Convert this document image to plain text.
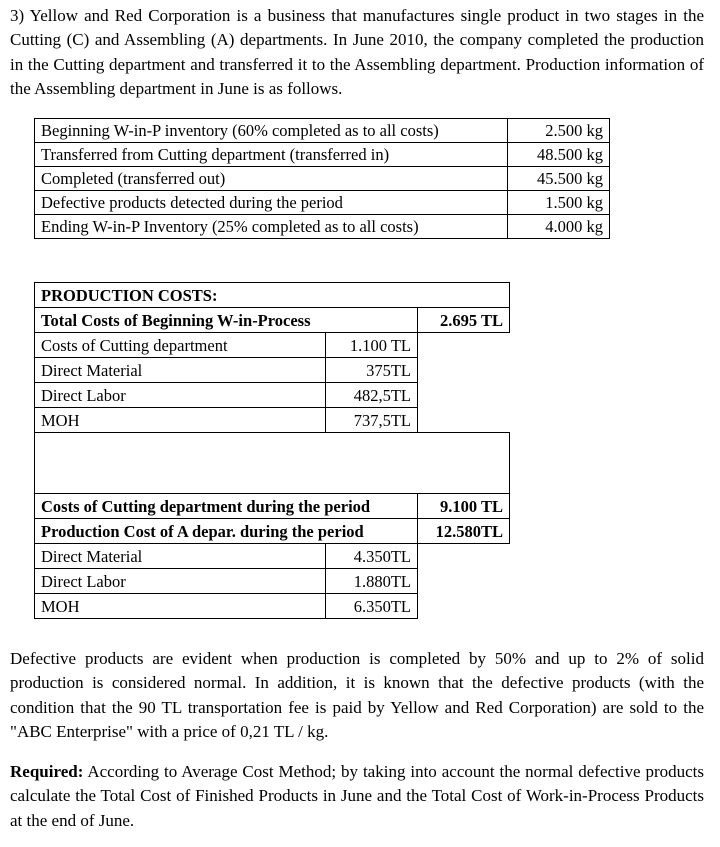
3) Yellow and Red Corporation is a business that manufactures single product in two stages in the Cutting (C) and Assembling (A) departments. In June 2010, the company completed the production in the Cutting department and transferred it to the Assembling department. Production information of the Assembling department in June is as follows.

Beginning W-in-P inventory (60% completed as to all costs)	2.500 kg
Transferred from Cutting department (transferred in)	48.500 kg
Completed (transferred out)	45.500 kg
Defective products detected during the period	1.500 kg
Ending W-in-P Inventory (25% completed as to all costs)	4.000 kg
PRODUCTION COSTS:		
Total Costs of Beginning W-in-Process		2.695 TL
Costs of Cutting department	1.100 TL	
Direct Material	375TL	
Direct Labor	482,5TL	
MOH	737,5TL	

Costs of Cutting department during the period		9.100 TL
Production Cost of A depar. during the period		12.580TL
Direct Material	4.350TL	
Direct Labor	1.880TL	
MOH	6.350TL	

Defective products are evident when production is completed by 50% and up to 2% of solid production is considered normal. In addition, it is known that the defective products (with the condition that the 90 TL transportation fee is paid by Yellow and Red Corporation) are sold to the "ABC Enterprise" with a price of 0,21 TL / kg.

Required: According to Average Cost Method; by taking into account the normal defective products calculate the Total Cost of Finished Products in June and the Total Cost of Work-in-Process Products at the end of June.
